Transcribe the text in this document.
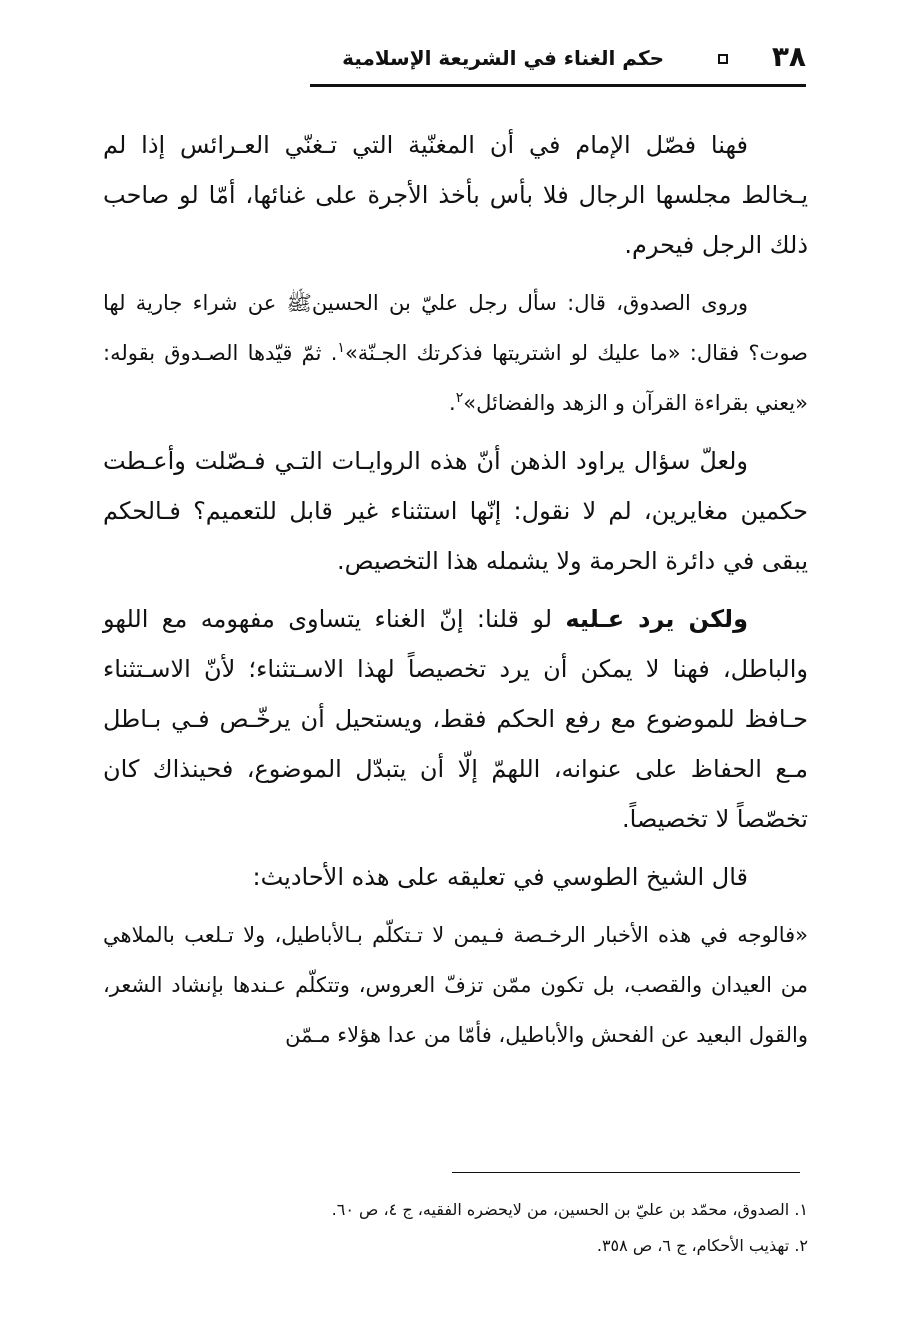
٣٨
حكم الغناء في الشريعة الإسلامية

فهنا فصّل الإمام في أن المغنّية التي تـغنّي العـرائس إذا لم يـخالط مجلسها الرجال فلا بأس بأخذ الأجرة على غنائها، أمّا لو صاحب ذلك الرجل فيحرم.

وروى الصدوق، قال: سأل رجل عليّ بن الحسينﷺ عن شراء جارية لها صوت؟ فقال: «ما عليك لو اشتريتها فذكرتك الجـنّة»$^١$. ثمّ قيّدها الصـدوق بقوله: «يعني بقراءة القرآن و الزهد والفضائل»$^٢$.

ولعلّ سؤال يراود الذهن أنّ هذه الروايـات التـي فـصّلت وأعـطت حكمين مغايرين، لم لا نقول: إنّها استثناء غير قابل للتعميم؟ فـالحكم يبقى في دائرة الحرمة ولا يشمله هذا التخصيص.

ولكن يرد عـليه لو قلنا: إنّ الغناء يتساوى مفهومه مع اللهو والباطل، فهنا لا يمكن أن يرد تخصيصاً لهذا الاسـتثناء؛ لأنّ الاسـتثناء حـافظ للموضوع مع رفع الحكم فقط، ويستحيل أن يرخّـص فـي بـاطل مـع الحفاظ على عنوانه، اللهمّ إلّا أن يتبدّل الموضوع، فحينذاك كان تخصّصاً لا تخصيصاً.

قال الشيخ الطوسي في تعليقه على هذه الأحاديث:

«فالوجه في هذه الأخبار الرخـصة فـيمن لا تـتكلّم بـالأباطيل، ولا تـلعب بالملاهي من العيدان والقصب، بل تكون ممّن تزفّ العروس، وتتكلّم عـندها بإنشاد الشعر، والقول البعيد عن الفحش والأباطيل، فأمّا من عدا هؤلاء مـمّن

١. الصدوق، محمّد بن عليّ بن الحسين، من لايحضره الفقيه، ج ٤، ص ٦٠.

٢. تهذيب الأحكام، ج ٦، ص ٣٥٨.
